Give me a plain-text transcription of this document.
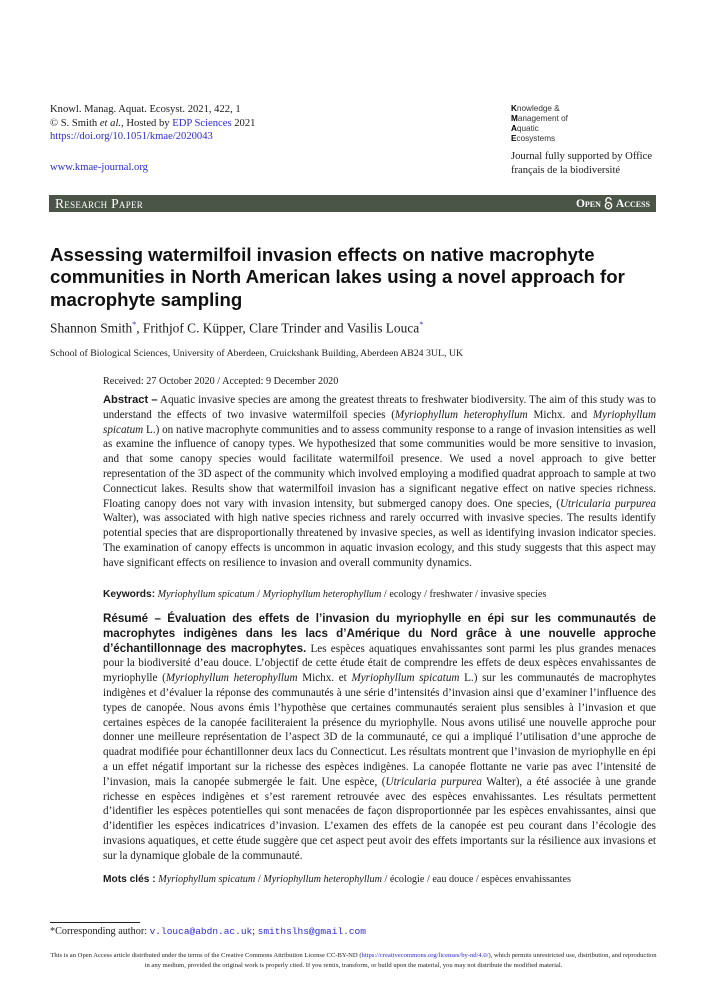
Knowl. Manag. Aquat. Ecosyst. 2021, 422, 1
© S. Smith et al., Hosted by EDP Sciences 2021
https://doi.org/10.1051/kmae/2020043
www.kmae-journal.org
Knowledge &
Management of
Aquatic
Ecosystems
Journal fully supported by Office
français de la biodiversité
Research Paper	Open Access
Assessing watermilfoil invasion effects on native macrophyte communities in North American lakes using a novel approach for macrophyte sampling
Shannon Smith*, Frithjof C. Küpper, Clare Trinder and Vasilis Louca*
School of Biological Sciences, University of Aberdeen, Cruickshank Building, Aberdeen AB24 3UL, UK
Received: 27 October 2020 / Accepted: 9 December 2020
Abstract – Aquatic invasive species are among the greatest threats to freshwater biodiversity. The aim of this study was to understand the effects of two invasive watermilfoil species (Myriophyllum heterophyllum Michx. and Myriophyllum spicatum L.) on native macrophyte communities and to assess community response to a range of invasion intensities as well as examine the influence of canopy types. We hypothesized that some communities would be more sensitive to invasion, and that some canopy species would facilitate watermilfoil presence. We used a novel approach to give better representation of the 3D aspect of the community which involved employing a modified quadrat approach to sample at two Connecticut lakes. Results show that watermilfoil invasion has a significant negative effect on native species richness. Floating canopy does not vary with invasion intensity, but submerged canopy does. One species, (Utricularia purpurea Walter), was associated with high native species richness and rarely occurred with invasive species. The results identify potential species that are disproportionally threatened by invasive species, as well as identifying invasion indicator species. The examination of canopy effects is uncommon in aquatic invasion ecology, and this study suggests that this aspect may have significant effects on resilience to invasion and overall community dynamics.
Keywords: Myriophyllum spicatum / Myriophyllum heterophyllum / ecology / freshwater / invasive species
Résumé – Évaluation des effets de l’invasion du myriophylle en épi sur les communautés de macrophytes indigènes dans les lacs d’Amérique du Nord grâce à une nouvelle approche d’échantillonnage des macrophytes. Les espèces aquatiques envahissantes sont parmi les plus grandes menaces pour la biodiversité d’eau douce. L’objectif de cette étude était de comprendre les effets de deux espèces envahissantes de myriophylle (Myriophyllum heterophyllum Michx. et Myriophyllum spicatum L.) sur les communautés de macrophytes indigènes et d’évaluer la réponse des communautés à une série d’intensités d’invasion ainsi que d’examiner l’influence des types de canopée. Nous avons émis l’hypothèse que certaines communautés seraient plus sensibles à l’invasion et que certaines espèces de la canopée faciliteraient la présence du myriophylle. Nous avons utilisé une nouvelle approche pour donner une meilleure représentation de l’aspect 3D de la communauté, ce qui a impliqué l’utilisation d’une approche de quadrat modifiée pour échantillonner deux lacs du Connecticut. Les résultats montrent que l’invasion de myriophylle en épi a un effet négatif important sur la richesse des espèces indigènes. La canopée flottante ne varie pas avec l’intensité de l’invasion, mais la canopée submergée le fait. Une espèce, (Utricularia purpurea Walter), a été associée à une grande richesse en espèces indigènes et s’est rarement retrouvée avec des espèces envahissantes. Les résultats permettent d’identifier les espèces potentielles qui sont menacées de façon disproportionnée par les espèces envahissantes, ainsi que d’identifier les espèces indicatrices d’invasion. L’examen des effets de la canopée est peu courant dans l’écologie des invasions aquatiques, et cette étude suggère que cet aspect peut avoir des effets importants sur la résilience aux invasions et sur la dynamique globale de la communauté.
Mots clés : Myriophyllum spicatum / Myriophyllum heterophyllum / écologie / eau douce / espèces envahissantes
*Corresponding author: v.louca@abdn.ac.uk; smithslhs@gmail.com
This is an Open Access article distributed under the terms of the Creative Commons Attribution License CC-BY-ND (https://creativecommons.org/licenses/by-nd/4.0/), which permits unrestricted use, distribution, and reproduction in any medium, provided the original work is properly cited. If you remix, transform, or build upon the material, you may not distribute the modified material.
